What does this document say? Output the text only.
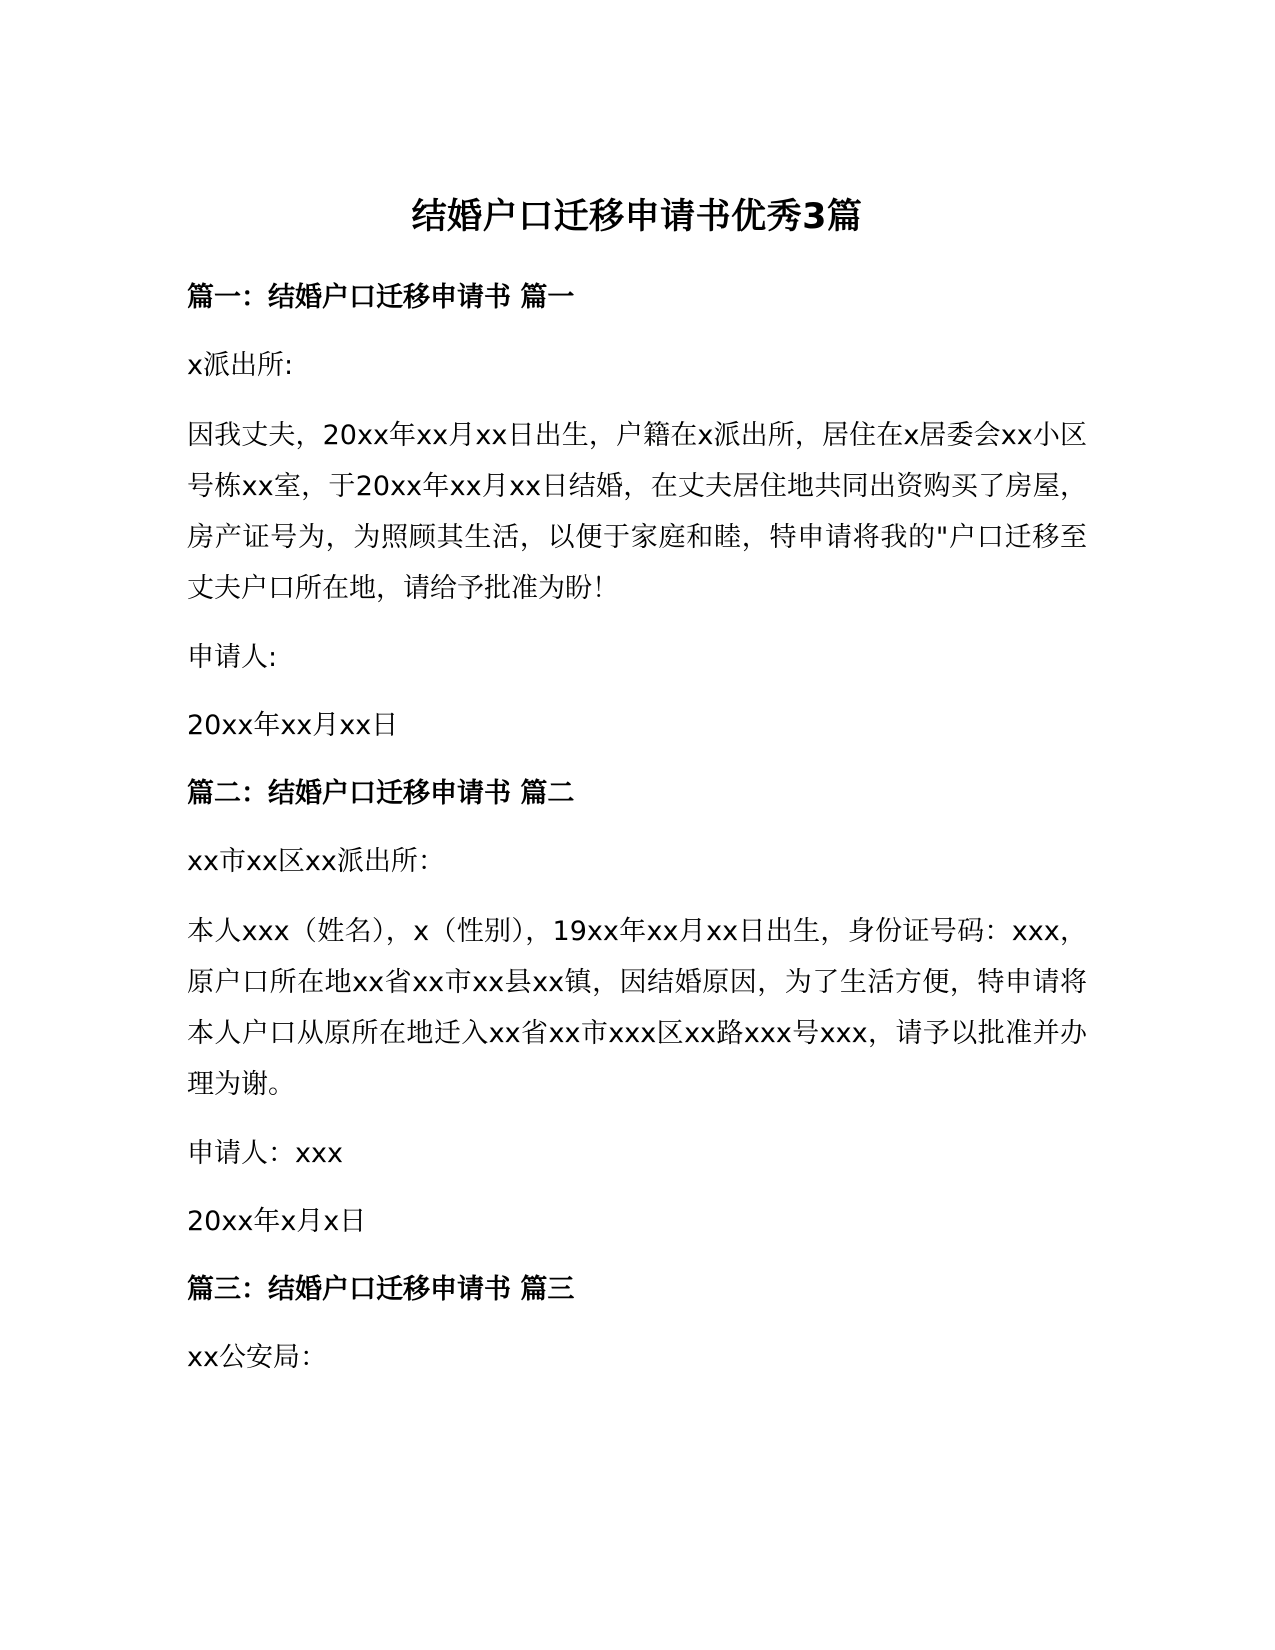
结婚户口迁移申请书优秀3篇
篇一：结婚户口迁移申请书 篇一

x派出所:

因我丈夫，20xx年xx月xx日出生，户籍在x派出所，居住在x居委会xx小区号栋xx室，于20xx年xx月xx日结婚，在丈夫居住地共同出资购买了房屋，房产证号为，为照顾其生活，以便于家庭和睦，特申请将我的"户口迁移至丈夫户口所在地，请给予批准为盼！

申请人:

20xx年xx月xx日

篇二：结婚户口迁移申请书 篇二

xx市xx区xx派出所：

本人xxx（姓名），x（性别），19xx年xx月xx日出生，身份证号码：xxx，原户口所在地xx省xx市xx县xx镇，因结婚原因，为了生活方便，特申请将本人户口从原所在地迁入xx省xx市xxx区xx路xxx号xxx，请予以批准并办理为谢。

申请人：xxx

20xx年x月x日

篇三：结婚户口迁移申请书 篇三

xx公安局：
